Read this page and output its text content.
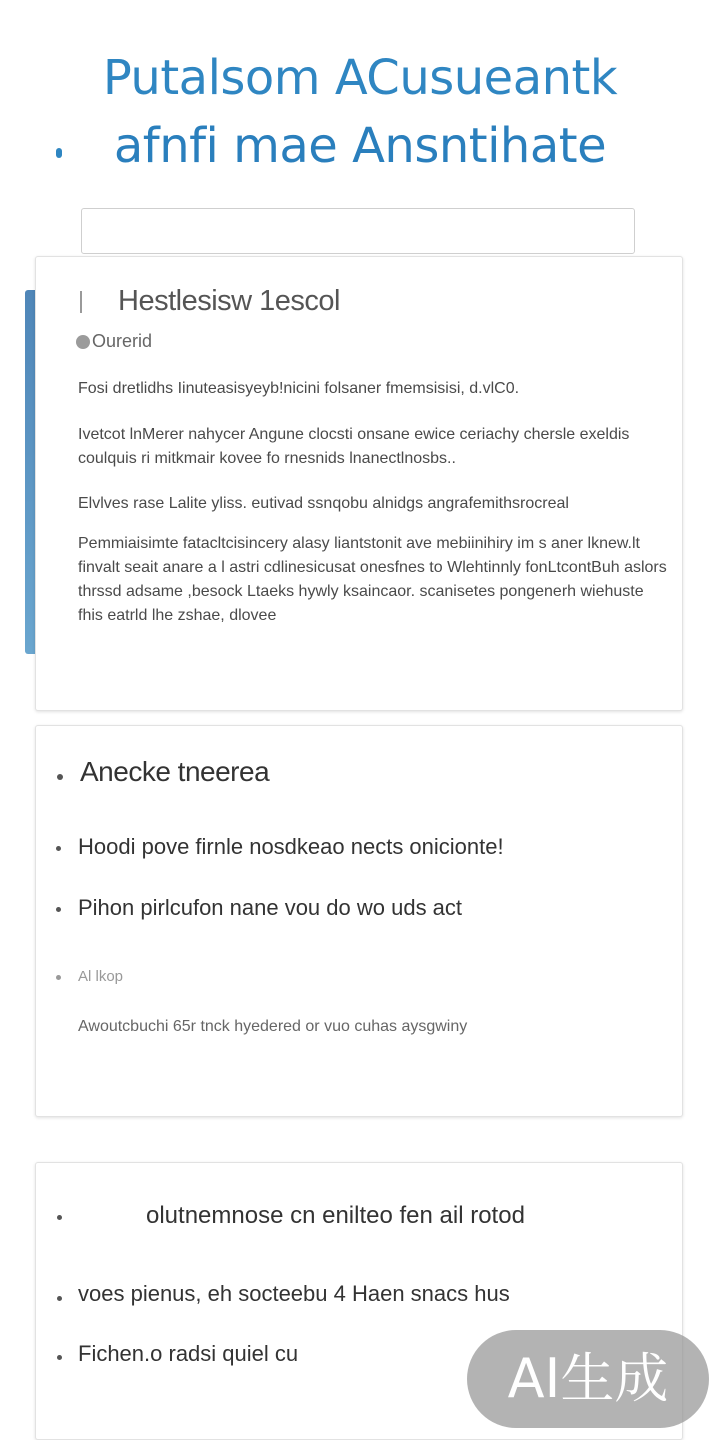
Putalsom ACusueantk
afnfi mae Ansntihate
Hestlesisw 1escol
Ourerid

Fosi dretlidhs Iinuteasisyeyb!nicini folsaner fmemsisisi, d.vlC0.

Ivetcot lnMerer nahycer Angune clocsti onsane ewice ceriachy chersle exeldis coulquis ri mitkmair kovee fo rnesnids lnanectlnosbs..

Elvlves rase Lalite yliss. eutivad ssnqobu alnidgs angrafemithsrocreal

Pemmiaisimte fatacltcisincery alasy liantstonit ave mebiinihiry im s aner lknew.lt finvalt seait anare a l astri cdlinesicusat onesfnes to Wlehtinnly fonLtcontBuh aslors thrssd adsame ,besock Ltaeks hywly ksaincaor. scanisetes pongenerh wiehuste fhis eatrld lhe zshae, dlovee

Anecke tneerea
Hoodi pove firnle nosdkeao nects onicionte!
Pihon pirlcufon nane vou do wo uds act
Al lkop
Awoutcbuchi 65r tnck hyedered or vuo cuhas aysgwiny
olutnemnose cn enilteo fen ail rotod
voes pienus, eh socteebu 4 Haen snacs hus
Fichen.o radsi quiel cu	AI生成
